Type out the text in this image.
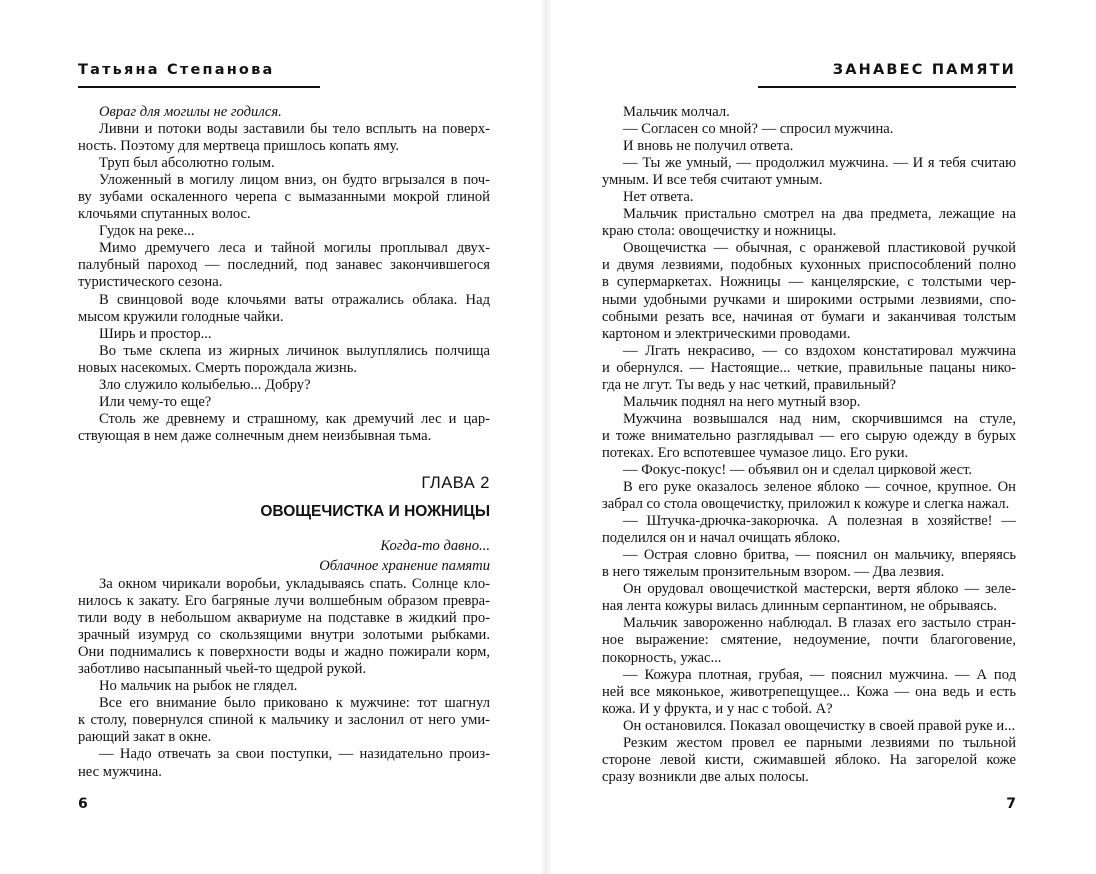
Татьяна Степанова
Овраг для могилы не годился.
Ливни и потоки воды заставили бы тело всплыть на поверх-
ность. Поэтому для мертвеца пришлось копать яму.
Труп был абсолютно голым.
Уложенный в могилу лицом вниз, он будто вгрызался в поч-
ву зубами оскаленного черепа с вымазанными мокрой глиной
клочьями спутанных волос.
Гудок на реке...
Мимо дремучего леса и тайной могилы проплывал двух-
палубный пароход — последний, под занавес закончившегося
туристического сезона.
В свинцовой воде клочьями ваты отражались облака. Над
мысом кружили голодные чайки.
Ширь и простор...
Во тьме склепа из жирных личинок вылуплялись полчища
новых насекомых. Смерть порождала жизнь.
Зло служило колыбелью... Добру?
Или чему-то еще?
Столь же древнему и страшному, как дремучий лес и цар-
ствующая в нем даже солнечным днем неизбывная тьма.
ГЛАВА 2
ОВОЩЕЧИСТКА И НОЖНИЦЫ
Когда-то давно...
Облачное хранение памяти
За окном чирикали воробьи, укладываясь спать. Солнце кло-
нилось к закату. Его багряные лучи волшебным образом превра-
тили воду в небольшом аквариуме на подставке в жидкий про-
зрачный изумруд со скользящими внутри золотыми рыбками.
Они поднимались к поверхности воды и жадно пожирали корм,
заботливо насыпанный чьей-то щедрой рукой.
Но мальчик на рыбок не глядел.
Все его внимание было приковано к мужчине: тот шагнул
к столу, повернулся спиной к мальчику и заслонил от него уми-
рающий закат в окне.
— Надо отвечать за свои поступки, — назидательно произ-
нес мужчина.
6
ЗАНАВЕС ПАМЯТИ
Мальчик молчал.
— Согласен со мной? — спросил мужчина.
И вновь не получил ответа.
— Ты же умный, — продолжил мужчина. — И я тебя считаю
умным. И все тебя считают умным.
Нет ответа.
Мальчик пристально смотрел на два предмета, лежащие на
краю стола: овощечистку и ножницы.
Овощечистка — обычная, с оранжевой пластиковой ручкой
и двумя лезвиями, подобных кухонных приспособлений полно
в супермаркетах. Ножницы — канцелярские, с толстыми чер-
ными удобными ручками и широкими острыми лезвиями, спо-
собными резать все, начиная от бумаги и заканчивая толстым
картоном и электрическими проводами.
— Лгать некрасиво, — со вздохом констатировал мужчина
и обернулся. — Настоящие... четкие, правильные пацаны нико-
гда не лгут. Ты ведь у нас четкий, правильный?
Мальчик поднял на него мутный взор.
Мужчина возвышался над ним, скорчившимся на стуле,
и тоже внимательно разглядывал — его сырую одежду в бурых
потеках. Его вспотевшее чумазое лицо. Его руки.
— Фокус-покус! — объявил он и сделал цирковой жест.
В его руке оказалось зеленое яблоко — сочное, крупное. Он
забрал со стола овощечистку, приложил к кожуре и слегка нажал.
— Штучка-дрючка-закорючка. А полезная в хозяйстве! —
поделился он и начал очищать яблоко.
— Острая словно бритва, — пояснил он мальчику, вперяясь
в него тяжелым пронзительным взором. — Два лезвия.
Он орудовал овощечисткой мастерски, вертя яблоко — зеле-
ная лента кожуры вилась длинным серпантином, не обрываясь.
Мальчик завороженно наблюдал. В глазах его застыло стран-
ное выражение: смятение, недоумение, почти благоговение,
покорность, ужас...
— Кожура плотная, грубая, — пояснил мужчина. — А под
ней все мяконькое, животрепещущее... Кожа — она ведь и есть
кожа. И у фрукта, и у нас с тобой. А?
Он остановился. Показал овощечистку в своей правой руке и...
Резким жестом провел ее парными лезвиями по тыльной
стороне левой кисти, сжимавшей яблоко. На загорелой коже
сразу возникли две алых полосы.
7
